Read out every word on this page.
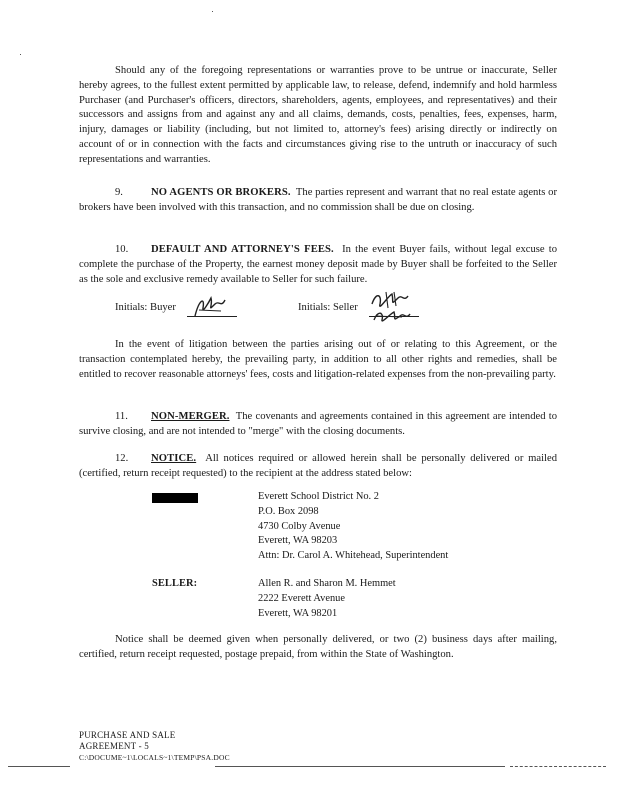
Should any of the foregoing representations or warranties prove to be untrue or inaccurate, Seller hereby agrees, to the fullest extent permitted by applicable law, to release, defend, indemnify and hold harmless Purchaser (and Purchaser's officers, directors, shareholders, agents, employees, and representatives) and their successors and assigns from and against any and all claims, demands, costs, penalties, fees, expenses, harm, injury, damages or liability (including, but not limited to, attorney's fees) arising directly or indirectly on account of or in connection with the facts and circumstances giving rise to the untruth or inaccuracy of such representations and warranties.

9.	NO AGENTS OR BROKERS. The parties represent and warrant that no real estate agents or brokers have been involved with this transaction, and no commission shall be due on closing.

10. DEFAULT AND ATTORNEY'S FEES. In the event Buyer fails, without legal excuse to complete the purchase of the Property, the earnest money deposit made by Buyer shall be forfeited to the Seller as the sole and exclusive remedy available to Seller for such failure.

Initials: Buyer	Initials: Seller

In the event of litigation between the parties arising out of or relating to this Agreement, or the transaction contemplated hereby, the prevailing party, in addition to all other rights and remedies, shall be entitled to recover reasonable attorneys' fees, costs and litigation-related expenses from the non-prevailing party.

11. NON-MERGER. The covenants and agreements contained in this agreement are intended to survive closing, and are not intended to "merge" with the closing documents.

12. NOTICE. All notices required or allowed herein shall be personally delivered or mailed (certified, return receipt requested) to the recipient at the address stated below:

Everett School District No. 2
P.O. Box 2098
4730 Colby Avenue
Everett, WA 98203
Attn: Dr. Carol A. Whitehead, Superintendent
SELLER:	Allen R. and Sharon M. Hemmet
2222 Everett Avenue
Everett, WA 98201

Notice shall be deemed given when personally delivered, or two (2) business days after mailing, certified, return receipt requested, postage prepaid, from within the State of Washington.

PURCHASE AND SALE
AGREEMENT - 5
C:\DOCUME~1\LOCALS~1\TEMP\PSA.DOC
